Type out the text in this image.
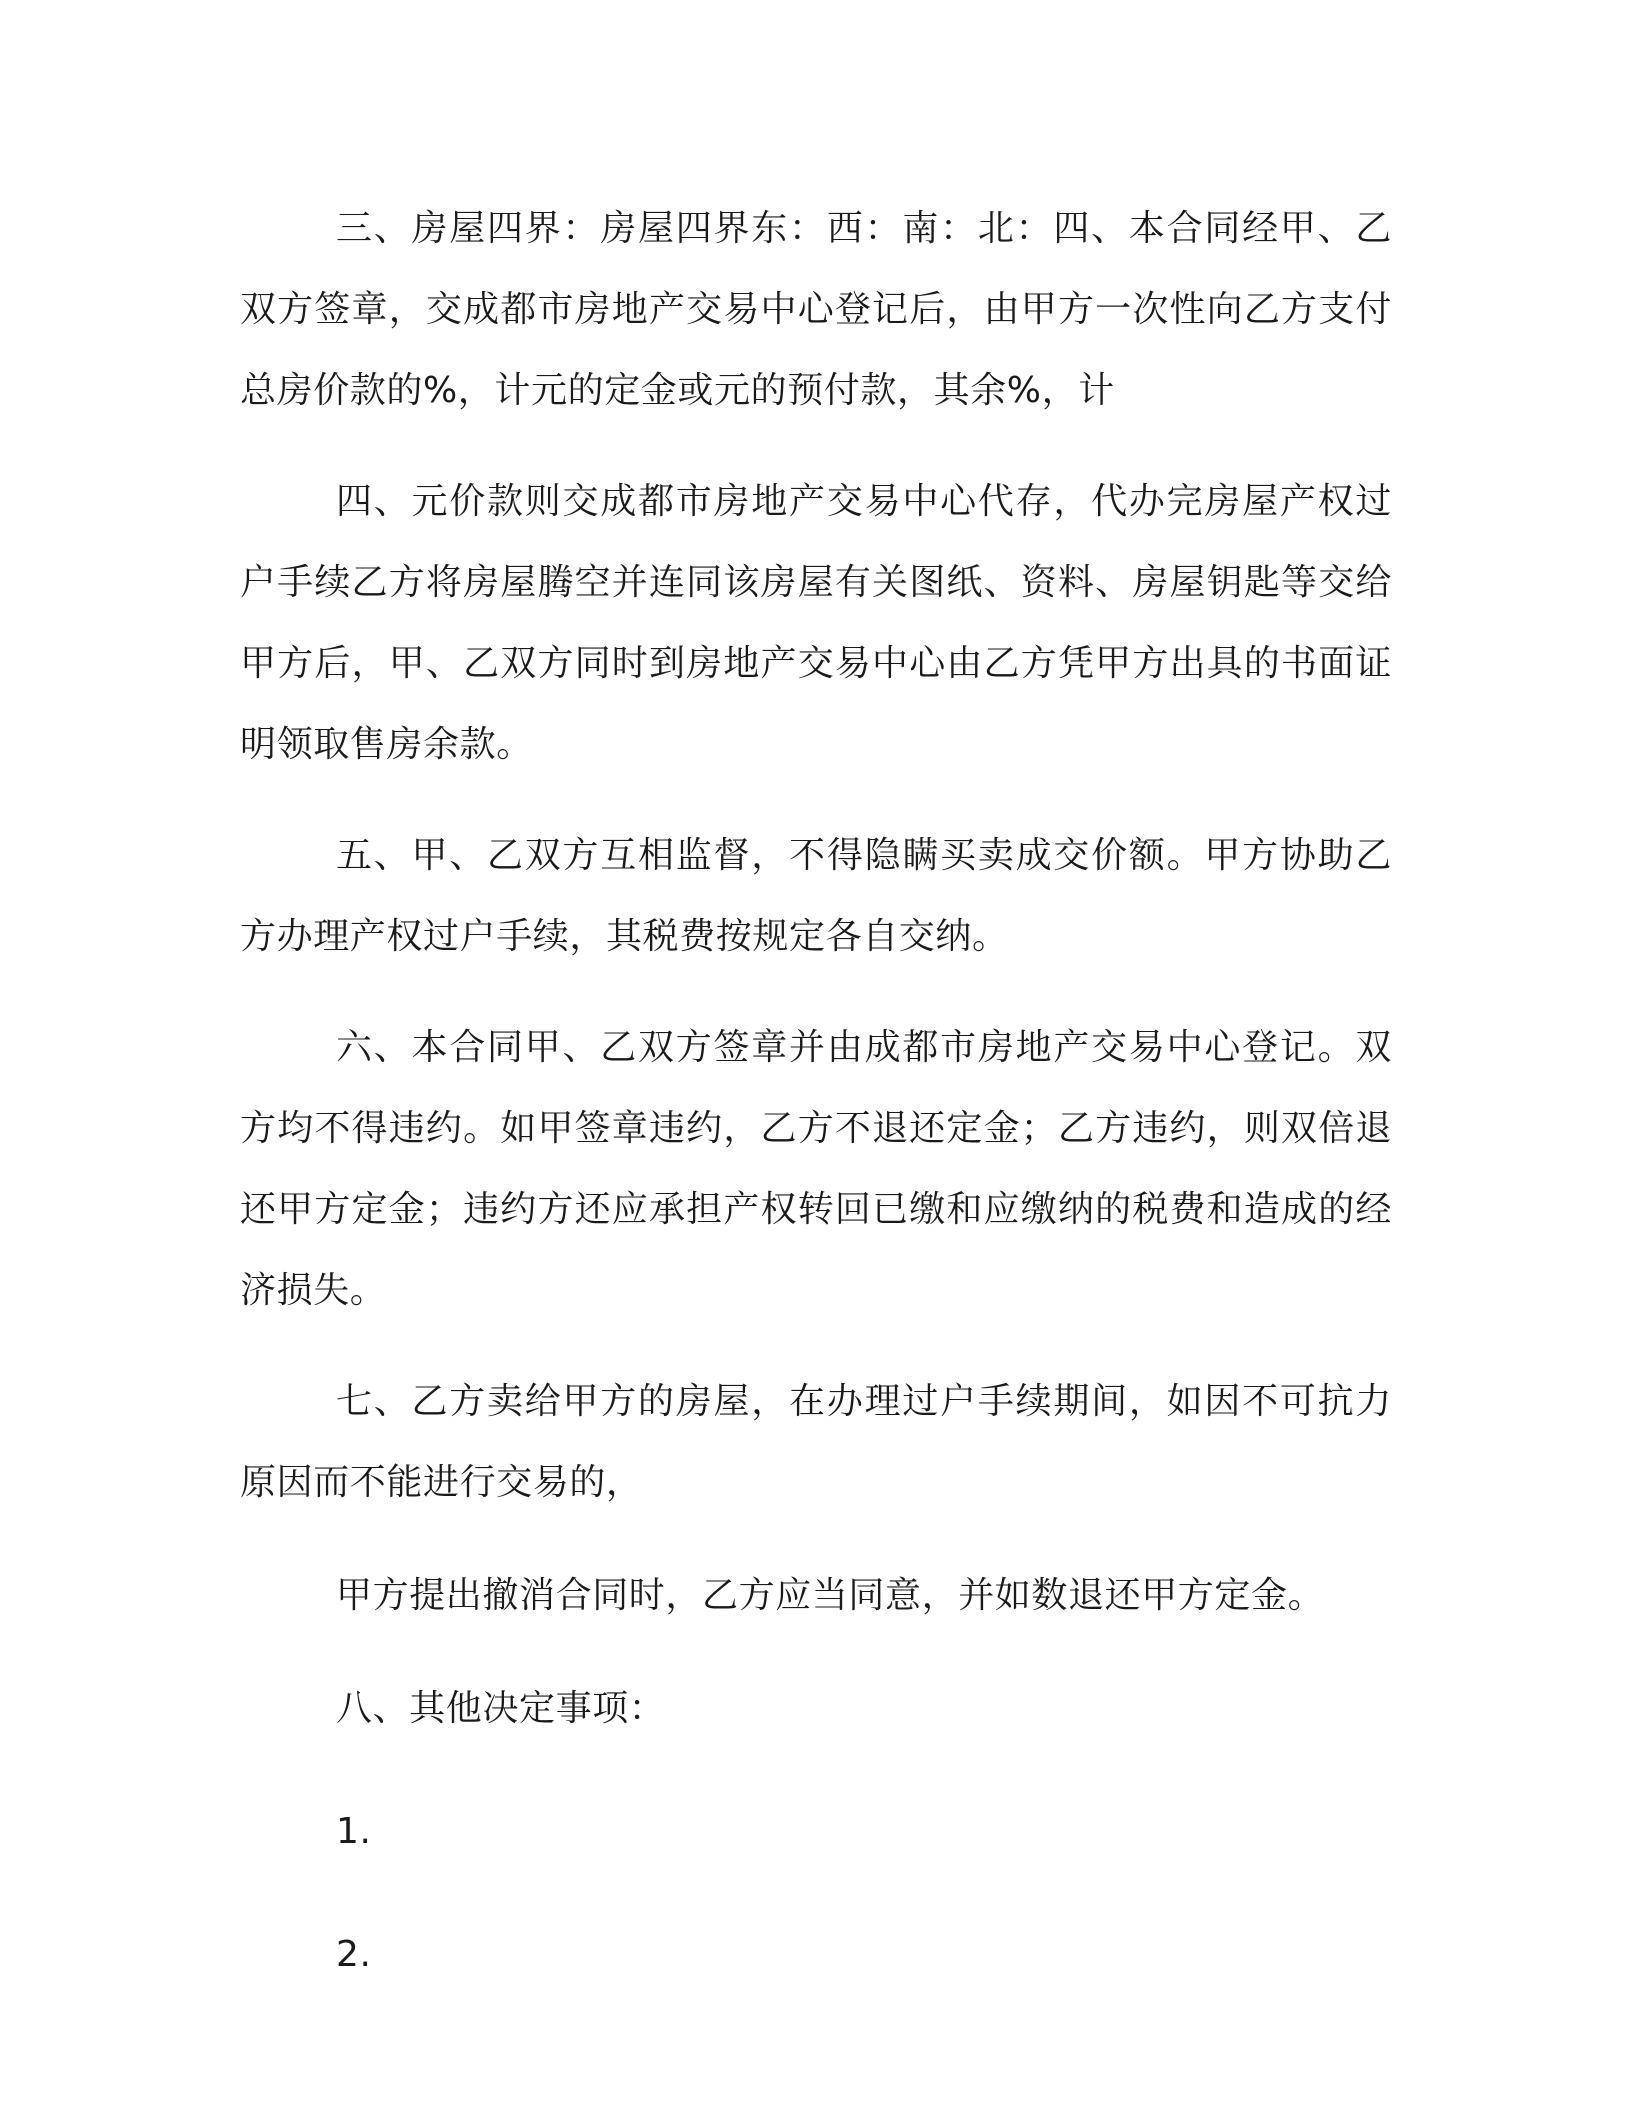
三、房屋四界：房屋四界东：西：南：北：四、本合同经甲、乙双方签章，交成都市房地产交易中心登记后，由甲方一次性向乙方支付总房价款的%，计元的定金或元的预付款，其余%，计

四、元价款则交成都市房地产交易中心代存，代办完房屋产权过户手续乙方将房屋腾空并连同该房屋有关图纸、资料、房屋钥匙等交给甲方后，甲、乙双方同时到房地产交易中心由乙方凭甲方出具的书面证明领取售房余款。

五、甲、乙双方互相监督，不得隐瞒买卖成交价额。甲方协助乙方办理产权过户手续，其税费按规定各自交纳。

六、本合同甲、乙双方签章并由成都市房地产交易中心登记。双方均不得违约。如甲签章违约，乙方不退还定金；乙方违约，则双倍退还甲方定金；违约方还应承担产权转回已缴和应缴纳的税费和造成的经济损失。

七、乙方卖给甲方的房屋，在办理过户手续期间，如因不可抗力原因而不能进行交易的，

甲方提出撤消合同时，乙方应当同意，并如数退还甲方定金。

八、其他决定事项：

1.

2.
